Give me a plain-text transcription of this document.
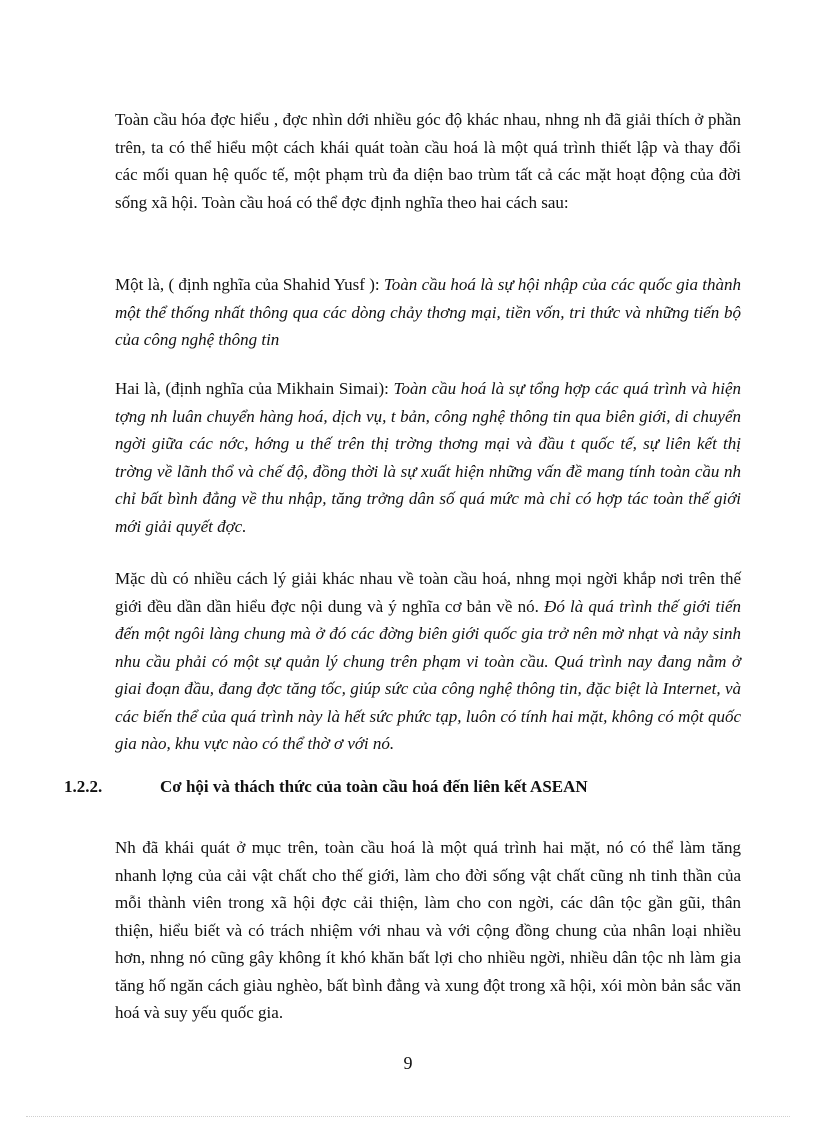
Toàn cầu hóa đợc hiểu , đợc nhìn dới nhiều góc độ khác nhau, nhng nh đã giải thích ở phần trên, ta có thể hiểu một cách khái quát toàn cầu hoá là một quá trình thiết lập và thay đổi các mối quan hệ quốc tế, một phạm trù đa diện bao trùm tất cả các mặt hoạt động của đời sống xã hội. Toàn cầu hoá có thể đợc định nghĩa theo hai cách sau:

Một là, ( định nghĩa của Shahid Yusf ): Toàn cầu hoá là sự hội nhập của các quốc gia thành một thể thống nhất thông qua các dòng chảy thơng mại, tiền vốn, tri thức và những tiến bộ của công nghệ thông tin

Hai là, (định nghĩa của Mikhain Simai): Toàn cầu hoá là sự tổng hợp các quá trình và hiện tợng nh luân chuyển hàng hoá, dịch vụ, t bản, công nghệ thông tin qua biên giới, di chuyển ngời giữa các nớc, hớng u thế trên thị trờng thơng mại và đầu t quốc tế, sự liên kết thị trờng về lãnh thổ và chế độ, đồng thời là sự xuất hiện những vấn đề mang tính toàn cầu nh chỉ bất bình đẳng về thu nhập, tăng trởng dân số quá mức mà chỉ có hợp tác toàn thế giới mới giải quyết đợc.

Mặc dù có nhiều cách lý giải khác nhau về toàn cầu hoá, nhng mọi ngời khắp nơi trên thế giới đều dần dần hiểu đợc nội dung và ý nghĩa cơ bản về nó. Đó là quá trình thế giới tiến đến một ngôi làng chung mà ở đó các đờng biên giới quốc gia trở nên mờ nhạt và nảy sinh nhu cầu phải có một sự quản lý chung trên phạm vi toàn cầu. Quá trình nay đang nằm ở giai đoạn đầu, đang đợc tăng tốc, giúp sức của công nghệ thông tin, đặc biệt là Internet, và các biến thể của quá trình này là hết sức phức tạp, luôn có tính hai mặt, không có một quốc gia nào, khu vực nào có thể thờ ơ với nó.

1.2.2.	Cơ hội và thách thức của toàn cầu hoá đến liên kết ASEAN

Nh đã khái quát ở mục trên, toàn cầu hoá là một quá trình hai mặt, nó có thể làm tăng nhanh lợng của cải vật chất cho thế giới, làm cho đời sống vật chất cũng nh tinh thần của mỗi thành viên trong xã hội đợc cải thiện, làm cho con ngời, các dân tộc gần gũi, thân thiện, hiểu biết và có trách nhiệm với nhau và với cộng đồng chung của nhân loại nhiều hơn, nhng nó cũng gây không ít khó khăn bất lợi cho nhiều ngời, nhiều dân tộc nh làm gia tăng hố ngăn cách giàu nghèo, bất bình đẳng và xung đột trong xã hội, xói mòn bản sắc văn hoá và suy yếu quốc gia.

9
